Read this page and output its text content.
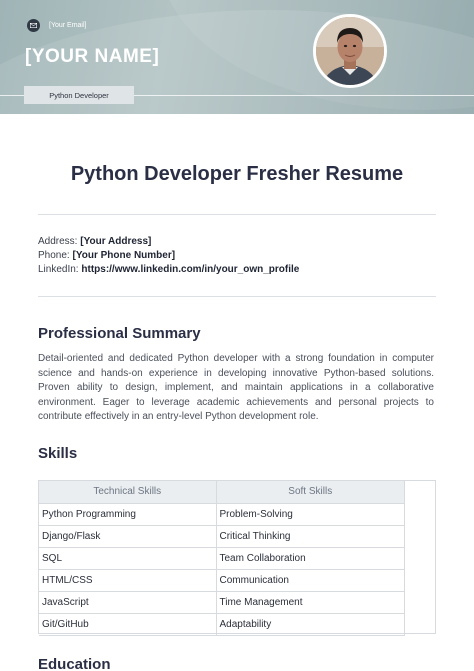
[Your Email]
[YOUR NAME]
Python Developer
Python Developer Fresher Resume
Address: [Your Address]
Phone: [Your Phone Number]
LinkedIn: https://www.linkedin.com/in/your_own_profile
Professional Summary
Detail-oriented and dedicated Python developer with a strong foundation in computer science and hands-on experience in developing innovative Python-based solutions. Proven ability to design, implement, and maintain applications in a collaborative environment. Eager to leverage academic achievements and personal projects to contribute effectively in an entry-level Python development role.
Skills
Technical Skills	Soft Skills
Python Programming	Problem-Solving
Django/Flask	Critical Thinking
SQL	Team Collaboration
HTML/CSS	Communication
JavaScript	Time Management
Git/GitHub	Adaptability
Education
